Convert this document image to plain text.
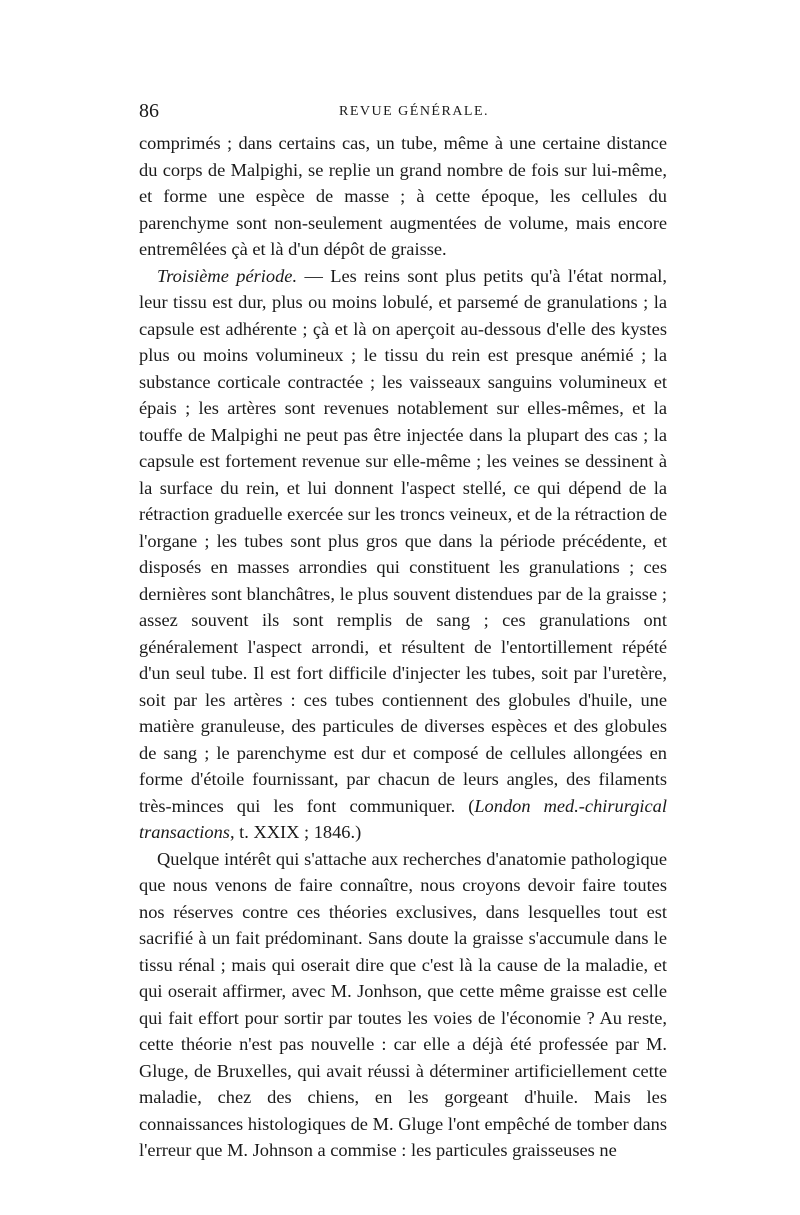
86	REVUE GÉNÉRALE.

comprimés ; dans certains cas, un tube, même à une certaine distance du corps de Malpighi, se replie un grand nombre de fois sur lui-même, et forme une espèce de masse ; à cette époque, les cellules du parenchyme sont non-seulement augmentées de volume, mais encore entremêlées çà et là d'un dépôt de graisse.

Troisième période. — Les reins sont plus petits qu'à l'état normal, leur tissu est dur, plus ou moins lobulé, et parsemé de granulations ; la capsule est adhérente ; çà et là on aperçoit au-dessous d'elle des kystes plus ou moins volumineux ; le tissu du rein est presque anémié ; la substance corticale contractée ; les vaisseaux sanguins volumineux et épais ; les artères sont revenues notablement sur elles-mêmes, et la touffe de Malpighi ne peut pas être injectée dans la plupart des cas ; la capsule est fortement revenue sur elle-même ; les veines se dessinent à la surface du rein, et lui donnent l'aspect stellé, ce qui dépend de la rétraction graduelle exercée sur les troncs veineux, et de la rétraction de l'organe ; les tubes sont plus gros que dans la période précédente, et disposés en masses arrondies qui constituent les granulations ; ces dernières sont blanchâtres, le plus souvent distendues par de la graisse ; assez souvent ils sont remplis de sang ; ces granulations ont généralement l'aspect arrondi, et résultent de l'entortillement répété d'un seul tube. Il est fort difficile d'injecter les tubes, soit par l'uretère, soit par les artères : ces tubes contiennent des globules d'huile, une matière granuleuse, des particules de diverses espèces et des globules de sang ; le parenchyme est dur et composé de cellules allongées en forme d'étoile fournissant, par chacun de leurs angles, des filaments très-minces qui les font communiquer. (London med.-chirurgical transactions, t. XXIX ; 1846.)

Quelque intérêt qui s'attache aux recherches d'anatomie pathologique que nous venons de faire connaître, nous croyons devoir faire toutes nos réserves contre ces théories exclusives, dans lesquelles tout est sacrifié à un fait prédominant. Sans doute la graisse s'accumule dans le tissu rénal ; mais qui oserait dire que c'est là la cause de la maladie, et qui oserait affirmer, avec M. Jonhson, que cette même graisse est celle qui fait effort pour sortir par toutes les voies de l'économie ? Au reste, cette théorie n'est pas nouvelle : car elle a déjà été professée par M. Gluge, de Bruxelles, qui avait réussi à déterminer artificiellement cette maladie, chez des chiens, en les gorgeant d'huile. Mais les connaissances histologiques de M. Gluge l'ont empêché de tomber dans l'erreur que M. Johnson a commise : les particules graisseuses ne
